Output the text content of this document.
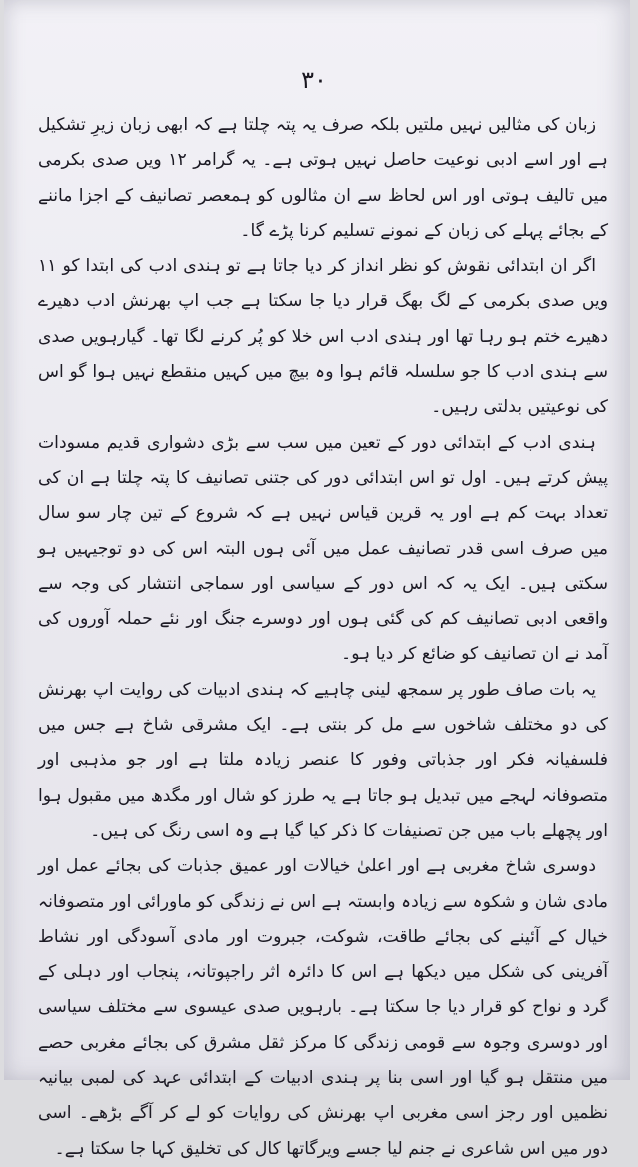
۳۰

زبان کی مثالیں نہیں ملتیں بلکہ صرف یہ پتہ چلتا ہے کہ ابھی زبان زیرِ تشکیل ہے اور اسے ادبی نوعیت حاصل نہیں ہوتی ہے۔ یہ گرامر ۱۲ ویں صدی بکرمی میں تالیف ہوتی اور اس لحاظ سے ان مثالوں کو ہمعصر تصانیف کے اجزا ماننے کے بجائے پہلے کی زبان کے نمونے تسلیم کرنا پڑے گا۔

اگر ان ابتدائی نقوش کو نظر انداز کر دیا جاتا ہے تو ہندی ادب کی ابتدا کو ۱۱ ویں صدی بکرمی کے لگ بھگ قرار دیا جا سکتا ہے جب اپ بھرنش ادب دھیرے دھیرے ختم ہو رہا تھا اور ہندی ادب اس خلا کو پُر کرنے لگا تھا۔ گیارہویں صدی سے ہندی ادب کا جو سلسلہ قائم ہوا وہ بیچ میں کہیں منقطع نہیں ہوا گو اس کی نوعیتیں بدلتی رہیں۔

ہندی ادب کے ابتدائی دور کے تعین میں سب سے بڑی دشواری قدیم مسودات پیش کرتے ہیں۔ اول تو اس ابتدائی دور کی جتنی تصانیف کا پتہ چلتا ہے ان کی تعداد بہت کم ہے اور یہ قرین قیاس نہیں ہے کہ شروع کے تین چار سو سال میں صرف اسی قدر تصانیف عمل میں آئی ہوں البتہ اس کی دو توجیہیں ہو سکتی ہیں۔ ایک یہ کہ اس دور کے سیاسی اور سماجی انتشار کی وجہ سے واقعی ادبی تصانیف کم کی گئی ہوں اور دوسرے جنگ اور نئے حملہ آوروں کی آمد نے ان تصانیف کو ضائع کر دیا ہو۔

یہ بات صاف طور پر سمجھ لینی چاہیے کہ ہندی ادبیات کی روایت اپ بھرنش کی دو مختلف شاخوں سے مل کر بنتی ہے۔ ایک مشرقی شاخ ہے جس میں فلسفیانہ فکر اور جذباتی وفور کا عنصر زیادہ ملتا ہے اور جو مذہبی اور متصوفانہ لہجے میں تبدیل ہو جاتا ہے یہ طرز کو شال اور مگدھ میں مقبول ہوا اور پچھلے باب میں جن تصنیفات کا ذکر کیا گیا ہے وہ اسی رنگ کی ہیں۔

دوسری شاخ مغربی ہے اور اعلیٰ خیالات اور عمیق جذبات کی بجائے عمل اور مادی شان و شکوہ سے زیادہ وابستہ ہے اس نے زندگی کو ماورائی اور متصوفانہ خیال کے آئینے کی بجائے طاقت، شوکت، جبروت اور مادی آسودگی اور نشاط آفرینی کی شکل میں دیکھا ہے اس کا دائرہ اثر راجپوتانہ، پنجاب اور دہلی کے گرد و نواح کو قرار دیا جا سکتا ہے۔ بارہویں صدی عیسوی سے مختلف سیاسی اور دوسری وجوہ سے قومی زندگی کا مرکز ثقل مشرق کی بجائے مغربی حصے میں منتقل ہو گیا اور اسی بنا پر ہندی ادبیات کے ابتدائی عہد کی لمبی بیانیہ نظمیں اور رجز اسی مغربی اپ بھرنش کی روایات کو لے کر آگے بڑھے۔ اسی دور میں اس شاعری نے جنم لیا جسے ویرگاتھا کال کی تخلیق کہا جا سکتا ہے۔
